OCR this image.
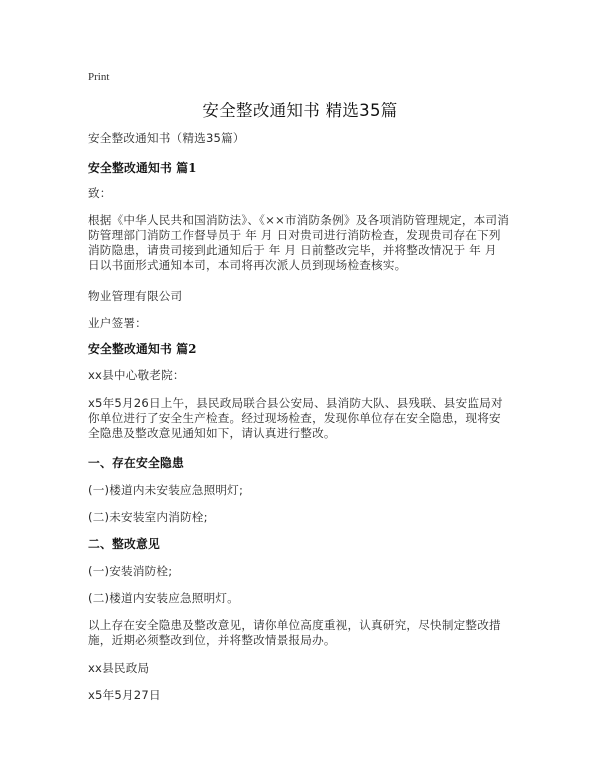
Print
安全整改通知书 精选35篇
安全整改通知书（精选35篇）
安全整改通知书 篇1
致：
根据《中华人民共和国消防法》、《××市消防条例》及各项消防管理规定，本司消防管理部门消防工作督导员于 年 月 日对贵司进行消防检查，发现贵司存在下列消防隐患，请贵司接到此通知后于 年 月 日前整改完毕，并将整改情况于 年 月 日以书面形式通知本司，本司将再次派人员到现场检查核实。
物业管理有限公司
业户签署：
安全整改通知书 篇2
xx县中心敬老院：
x5年5月26日上午，县民政局联合县公安局、县消防大队、县残联、县安监局对你单位进行了安全生产检查。经过现场检查，发现你单位存在安全隐患，现将安全隐患及整改意见通知如下，请认真进行整改。
一、存在安全隐患
(一)楼道内未安装应急照明灯;
(二)未安装室内消防栓;
二、整改意见
(一)安装消防栓;
(二)楼道内安装应急照明灯。
以上存在安全隐患及整改意见，请你单位高度重视，认真研究，尽快制定整改措施，近期必须整改到位，并将整改情景报局办。
xx县民政局
x5年5月27日
